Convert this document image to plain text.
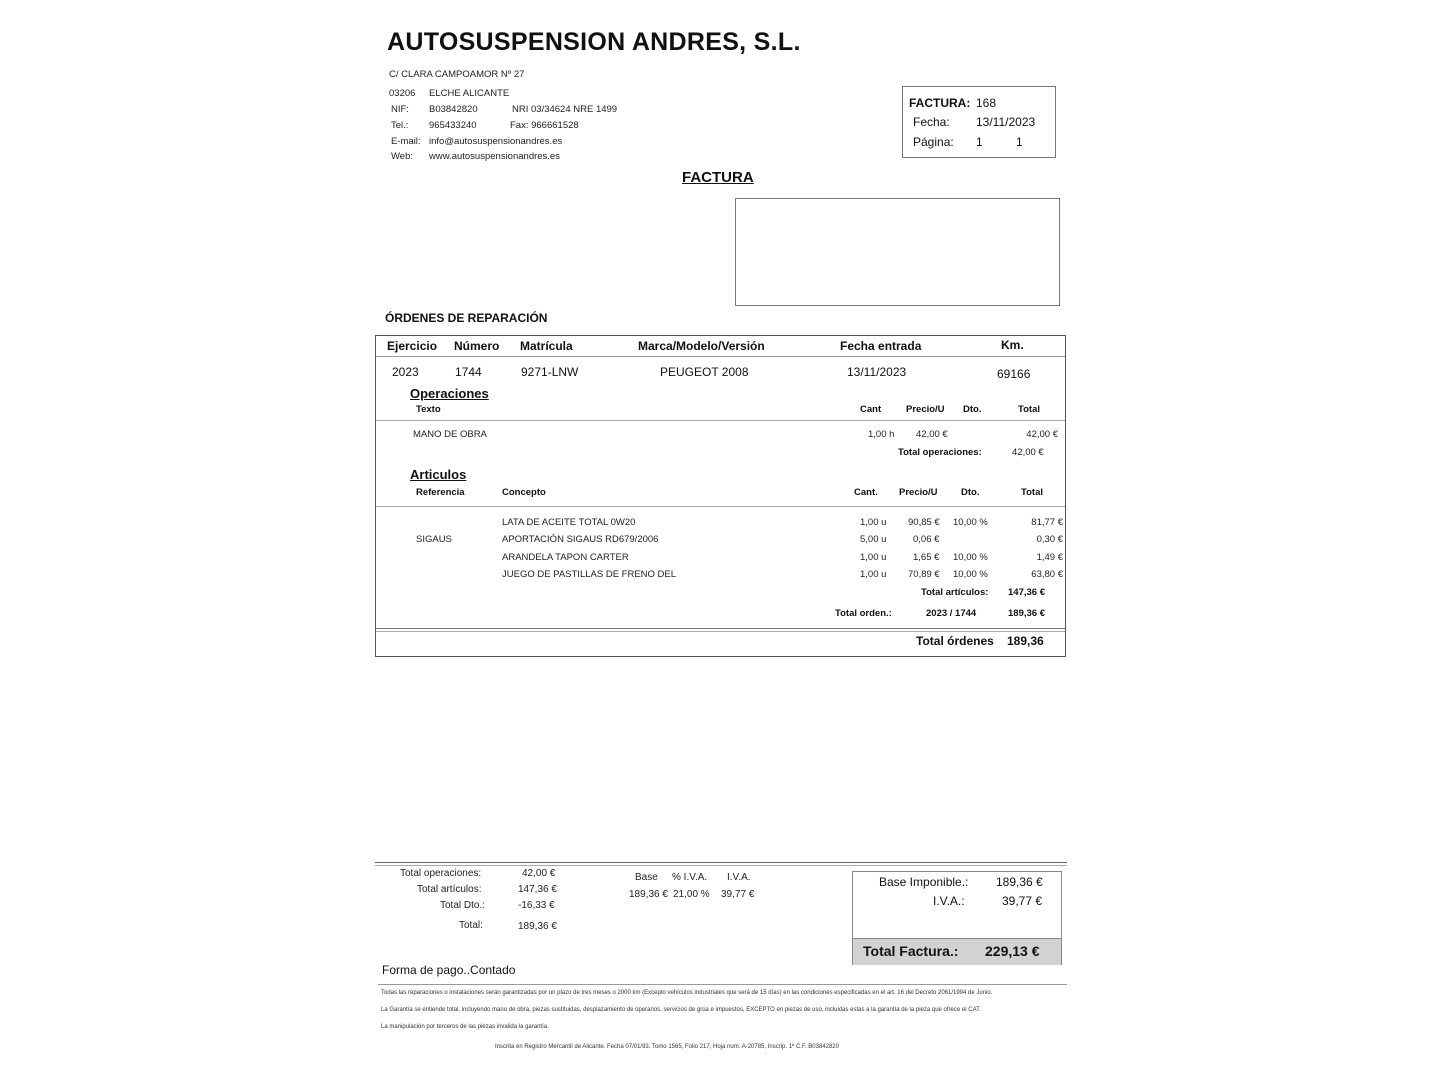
AUTOSUSPENSION ANDRES, S.L.
C/ CLARA CAMPOAMOR Nº 27
03206 ELCHE ALICANTE
NIF: B03842820	NRI 03/34624 NRE 1499
Tel.: 965433240	Fax: 966661528
E-mail: info@autosuspensionandres.es
Web: www.autosuspensionandres.es
FACTURA: 168
Fecha: 13/11/2023
Página: 1	1
FACTURA
ÓRDENES DE REPARACIÓN
Ejercicio Número Matrícula	Marca/Modelo/Versión	Fecha entrada	Km.
2023	1744	9271-LNW	PEUGEOT 2008	13/11/2023	69166
Operaciones
Texto	Cant	Precio/U Dto.	Total
MANO DE OBRA	1,00 h 42,00 €	42,00 €
Total operaciones:	42,00 €
Articulos
Referencia	Concepto	Cant. Precio/U Dto.	Total
LATA DE ACEITE TOTAL 0W20	1,00 u 90,85 € 10,00 %	81,77 €
SIGAUS	APORTACIÓN SIGAUS RD679/2006	5,00 u	0,06 €	0,30 €
ARANDELA TAPON CARTER	1,00 u	1,65 € 10,00 %	1,49 €
JUEGO DE PASTILLAS DE FRENO DEL	1,00 u 70,89 € 10,00 %	63,80 €
Total artículos: 147,36 €
Total orden.:	2023 / 1744	189,36 €
Total órdenes 189,36
Total operaciones:	42,00 €
Total artículos:	147,36 €
Total Dto.:	-16,33 €
Total:	189,36 €
Base % I.V.A. I.V.A.
189,36 € 21,00 % 39,77 €
Base Imponible.: 189,36 €
I.V.A.:	39,77 €
Total Factura.: 229,13 €
Forma de pago..Contado
Todas las reparaciones o instalaciones serán garantizadas por un plazo de tres meses o 2000 km (Excepto vehículos industriales que será de 15 días) en las condiciones especificadas en el art. 16 del Decreto 2061/1994 de Junio.
La Garantía se entiende total, incluyendo mano de obra, piezas sustituidas, desplazamiento de operarios, servicios de grúa e impuestos, EXCEPTO en piezas de uso, incluidas estas a la garantía de la pieza que ofrece el CAT.
La manipulación por terceros de las piezas invalida la garantía.
Inscrita en Registro Mercantil de Alicante. Fecha 07/01/93. Tomo 1565, Folio 217, Hoja num. A-20785, Inscrip. 1ª C.F. B03842820
